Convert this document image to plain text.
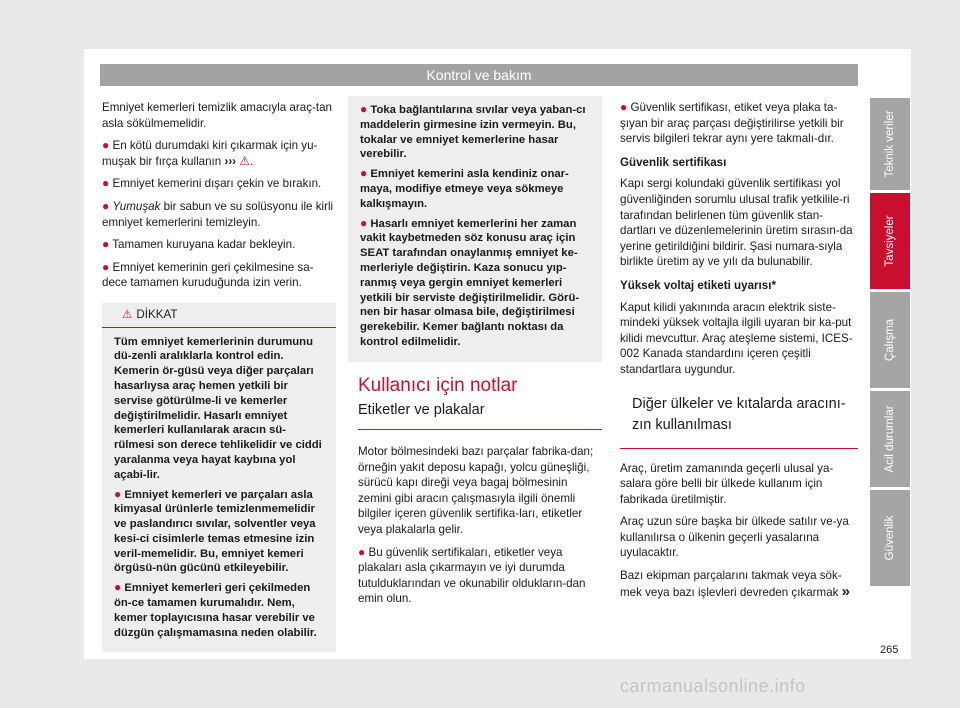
Kontrol ve bakım

Emniyet kemerleri temizlik amacıyla araç-tan asla sökülmemelidir.

● En kötü durumdaki kiri çıkarmak için yu-muşak bir fırça kullanın ››› ⚠.

● Emniyet kemerini dışarı çekin ve bırakın.

● Yumuşak bir sabun ve su solüsyonu ile kirli emniyet kemerlerini temizleyin.

● Tamamen kuruyana kadar bekleyin.

● Emniyet kemerinin geri çekilmesine sa-dece tamamen kuruduğunda izin verin.

⚠ DİKKAT

Tüm emniyet kemerlerinin durumunu dü-zenli aralıklarla kontrol edin. Kemerin ör-güsü veya diğer parçaları hasarlıysa araç hemen yetkili bir servise götürülme-li ve kemerler değiştirilmelidir. Hasarlı emniyet kemerleri kullanılarak aracın sü-rülmesi son derece tehlikelidir ve ciddi yaralanma veya hayat kaybına yol açabi-lir.

● Emniyet kemerleri ve parçaları asla kimyasal ürünlerle temizlenmemelidir ve paslandırıcı sıvılar, solventler veya kesi-ci cisimlerle temas etmesine izin veril-memelidir. Bu, emniyet kemeri örgüsü-nün gücünü etkileyebilir.

● Emniyet kemerleri geri çekilmeden ön-ce tamamen kurumalıdır. Nem, kemer toplayıcısına hasar verebilir ve düzgün çalışmamasına neden olabilir.

● Toka bağlantılarına sıvılar veya yaban-cı maddelerin girmesine izin vermeyin. Bu, tokalar ve emniyet kemerlerine hasar verebilir.

● Emniyet kemerini asla kendiniz onar-maya, modifiye etmeye veya sökmeye kalkışmayın.

● Hasarlı emniyet kemerlerini her zaman vakit kaybetmeden söz konusu araç için SEAT tarafından onaylanmış emniyet ke-merleriyle değiştirin. Kaza sonucu yıp-ranmış veya gergin emniyet kemerleri yetkili bir serviste değiştirilmelidir. Görü-nen bir hasar olmasa bile, değiştirilmesi gerekebilir. Kemer bağlantı noktası da kontrol edilmelidir.

Kullanıcı için notlar
Etiketler ve plakalar

Motor bölmesindeki bazı parçalar fabrika-dan; örneğin yakıt deposu kapağı, yolcu güneşliği, sürücü kapı direği veya bagaj bölmesinin zemini gibi aracın çalışmasıyla ilgili önemli bilgiler içeren güvenlik sertifika-ları, etiketler veya plakalarla gelir.

● Bu güvenlik sertifikaları, etiketler veya plakaları asla çıkarmayın ve iyi durumda tutulduklarından ve okunabilir oldukların-dan emin olun.

● Güvenlik sertifikası, etiket veya plaka ta-şıyan bir araç parçası değiştirilirse yetkili bir servis bilgileri tekrar aynı yere takmalı-dır.

Güvenlik sertifikası

Kapı sergi kolundaki güvenlik sertifikası yol güvenliğinden sorumlu ulusal trafik yetkilile-ri tarafından belirlenen tüm güvenlik stan-dartları ve düzenlemelerinin üretim sırasın-da yerine getirildiğini bildirir. Şasi numara-sıyla birlikte üretim ay ve yılı da bulunabilir.

Yüksek voltaj etiketi uyarısı*

Kaput kilidi yakınında aracın elektrik siste-mindeki yüksek voltajla ilgili uyaran bir ka-put kilidi mevcuttur. Araç ateşleme sistemi, ICES-002 Kanada standardını içeren çeşitli standartlara uygundur.

Diğer ülkeler ve kıtalarda aracını-zın kullanılması

Araç, üretim zamanında geçerli ulusal ya-salara göre belli bir ülkede kullanım için fabrikada üretilmiştir.

Araç uzun süre başka bir ülkede satılır ve-ya kullanılırsa o ülkenin geçerli yasalarına uyulacaktır.

Bazı ekipman parçalarını takmak veya sök-mek veya bazı işlevleri devreden çıkarmak »

Teknik veriler
Tavsiyeler
Çalışma
Acil durumlar
Güvenlik
265
carmanualsonline.info
